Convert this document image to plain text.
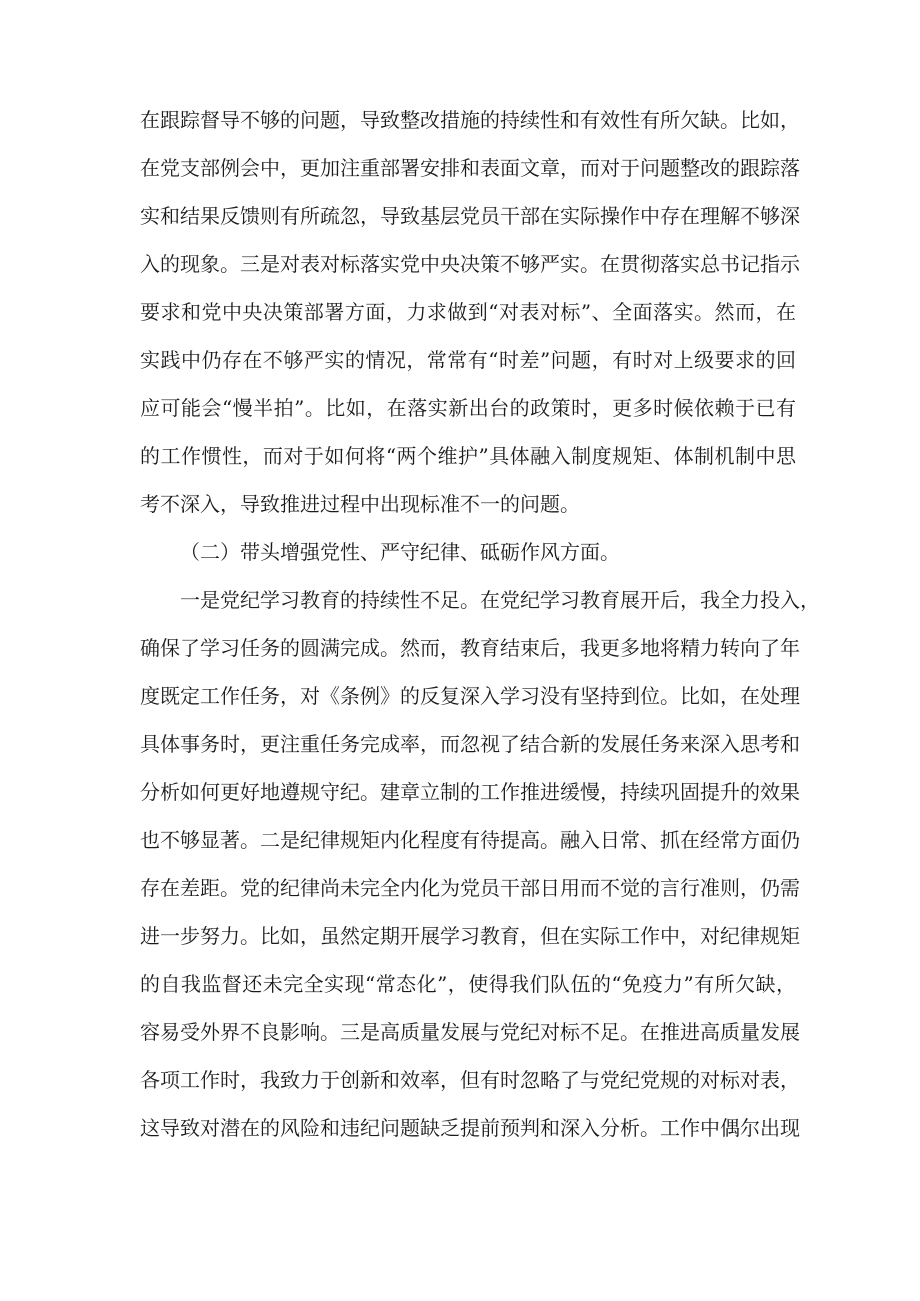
在跟踪督导不够的问题，导致整改措施的持续性和有效性有所欠缺。比如，
在党支部例会中，更加注重部署安排和表面文章，而对于问题整改的跟踪落
实和结果反馈则有所疏忽，导致基层党员干部在实际操作中存在理解不够深
入的现象。三是对表对标落实党中央决策不够严实。在贯彻落实总书记指示
要求和党中央决策部署方面，力求做到“对表对标”、全面落实。然而，在
实践中仍存在不够严实的情况，常常有“时差”问题，有时对上级要求的回
应可能会“慢半拍”。比如，在落实新出台的政策时，更多时候依赖于已有
的工作惯性，而对于如何将“两个维护”具体融入制度规矩、体制机制中思
考不深入，导致推进过程中出现标准不一的问题。
（二）带头增强党性、严守纪律、砥砺作风方面。
一是党纪学习教育的持续性不足。在党纪学习教育展开后，我全力投入，
确保了学习任务的圆满完成。然而，教育结束后，我更多地将精力转向了年
度既定工作任务，对《条例》的反复深入学习没有坚持到位。比如，在处理
具体事务时，更注重任务完成率，而忽视了结合新的发展任务来深入思考和
分析如何更好地遵规守纪。建章立制的工作推进缓慢，持续巩固提升的效果
也不够显著。二是纪律规矩内化程度有待提高。融入日常、抓在经常方面仍
存在差距。党的纪律尚未完全内化为党员干部日用而不觉的言行准则，仍需
进一步努力。比如，虽然定期开展学习教育，但在实际工作中，对纪律规矩
的自我监督还未完全实现“常态化”，使得我们队伍的“免疫力”有所欠缺，
容易受外界不良影响。三是高质量发展与党纪对标不足。在推进高质量发展
各项工作时，我致力于创新和效率，但有时忽略了与党纪党规的对标对表，
这导致对潜在的风险和违纪问题缺乏提前预判和深入分析。工作中偶尔出现
